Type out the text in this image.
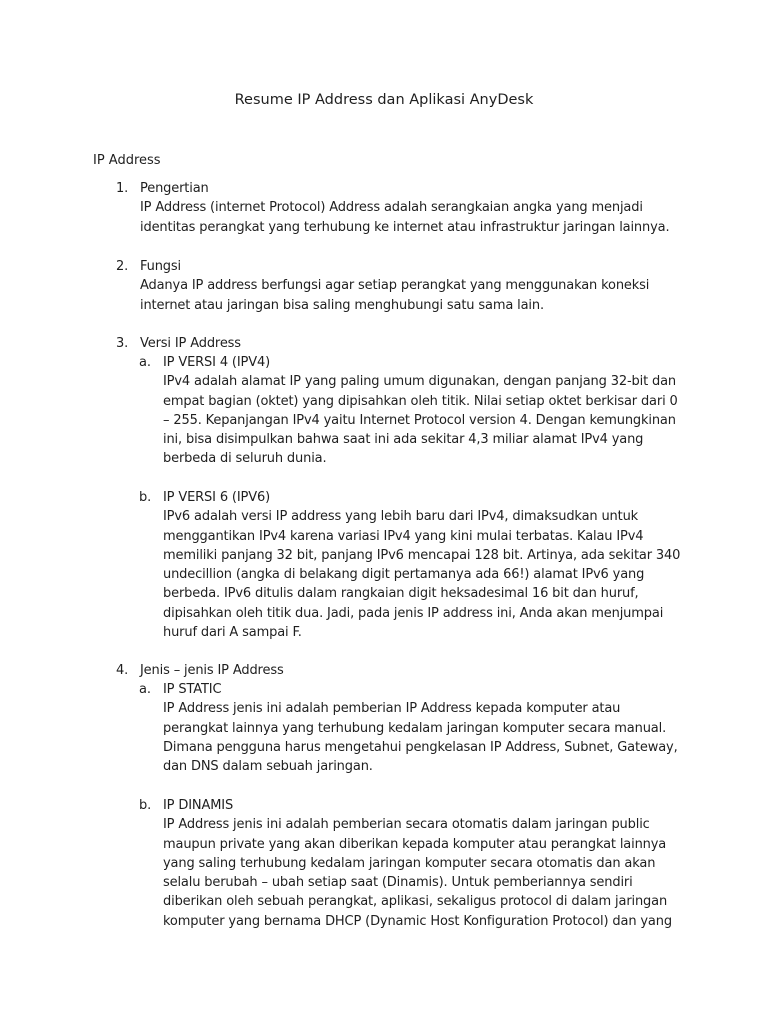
Resume IP Address dan Aplikasi AnyDesk
IP Address
1. Pengertian
IP Address (internet Protocol) Address adalah serangkaian angka yang menjadi
identitas perangkat yang terhubung ke internet atau infrastruktur jaringan lainnya.
2. Fungsi
Adanya IP address berfungsi agar setiap perangkat yang menggunakan koneksi
internet atau jaringan bisa saling menghubungi satu sama lain.
3. Versi IP Address
a. IP VERSI 4 (IPV4)
IPv4 adalah alamat IP yang paling umum digunakan, dengan panjang 32-bit dan
empat bagian (oktet) yang dipisahkan oleh titik. Nilai setiap oktet berkisar dari 0
– 255. Kepanjangan IPv4 yaitu Internet Protocol version 4. Dengan kemungkinan
ini, bisa disimpulkan bahwa saat ini ada sekitar 4,3 miliar alamat IPv4 yang
berbeda di seluruh dunia.
b. IP VERSI 6 (IPV6)
IPv6 adalah versi IP address yang lebih baru dari IPv4, dimaksudkan untuk
menggantikan IPv4 karena variasi IPv4 yang kini mulai terbatas. Kalau IPv4
memiliki panjang 32 bit, panjang IPv6 mencapai 128 bit. Artinya, ada sekitar 340
undecillion (angka di belakang digit pertamanya ada 66!) alamat IPv6 yang
berbeda. IPv6 ditulis dalam rangkaian digit heksadesimal 16 bit dan huruf,
dipisahkan oleh titik dua. Jadi, pada jenis IP address ini, Anda akan menjumpai
huruf dari A sampai F.
4. Jenis – jenis IP Address
a. IP STATIC
IP Address jenis ini adalah pemberian IP Address kepada komputer atau
perangkat lainnya yang terhubung kedalam jaringan komputer secara manual.
Dimana pengguna harus mengetahui pengkelasan IP Address, Subnet, Gateway,
dan DNS dalam sebuah jaringan.
b. IP DINAMIS
IP Address jenis ini adalah pemberian secara otomatis dalam jaringan public
maupun private yang akan diberikan kepada komputer atau perangkat lainnya
yang saling terhubung kedalam jaringan komputer secara otomatis dan akan
selalu berubah – ubah setiap saat (Dinamis). Untuk pemberiannya sendiri
diberikan oleh sebuah perangkat, aplikasi, sekaligus protocol di dalam jaringan
komputer yang bernama DHCP (Dynamic Host Konfiguration Protocol) dan yang
